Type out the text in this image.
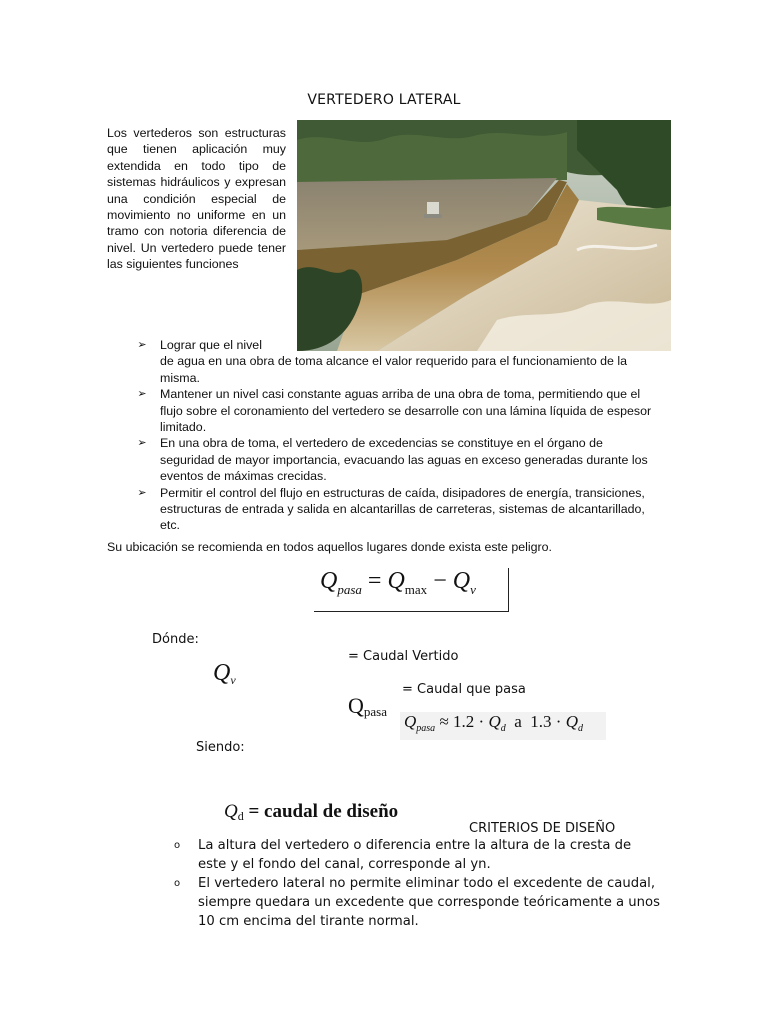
VERTEDERO LATERAL
Los vertederos son estructuras que tienen aplicación muy extendida en todo tipo de sistemas hidráulicos y expresan una condición especial de movimiento no uniforme en un tramo con notoria diferencia de nivel. Un vertedero puede tener las siguientes funciones
➢ Lograr que el nivel
de agua en una obra de toma alcance el valor requerido para el funcionamiento de la misma.
➢ Mantener un nivel casi constante aguas arriba de una obra de toma, permitiendo que el flujo sobre el coronamiento del vertedero se desarrolle con una lámina líquida de espesor limitado.
➢ En una obra de toma, el vertedero de excedencias se constituye en el órgano de seguridad de mayor importancia, evacuando las aguas en exceso generadas durante los eventos de máximas crecidas.
➢ Permitir el control del flujo en estructuras de caída, disipadores de energía, transiciones, estructuras de entrada y salida en alcantarillas de carreteras, sistemas de alcantarillado, etc.
Su ubicación se recomienda en todos aquellos lugares donde exista este peligro.
$Q_{pasa} = Q_{max} - Q_v$
Dónde:
$Q_v$
= Caudal Vertido
$Q_{pasa}$
= Caudal que pasa
$Q_{pasa} \approx 1.2 \cdot Q_d$  a  $1.3 \cdot Q_d$
Siendo:
$Q_d$ = caudal de diseño
CRITERIOS DE DISEÑO
o La altura del vertedero o diferencia entre la altura de la cresta de este y el fondo del canal, corresponde al yn.
o El vertedero lateral no permite eliminar todo el excedente de caudal, siempre quedara un excedente que corresponde teóricamente a unos 10 cm encima del tirante normal.
